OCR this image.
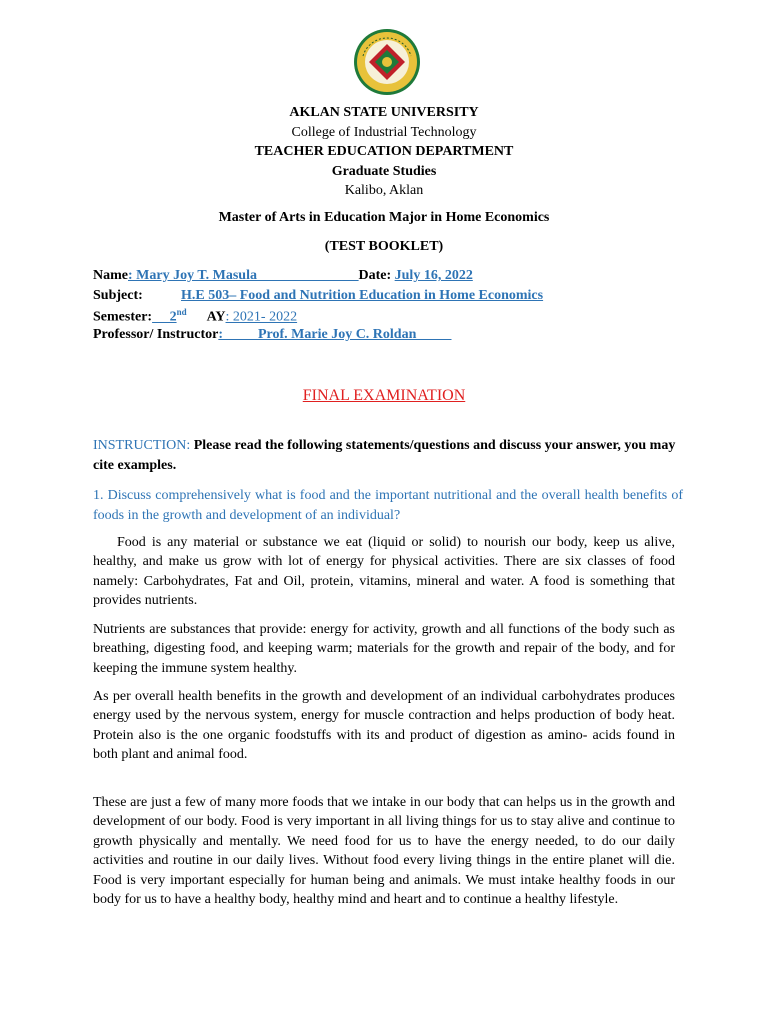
AKLAN STATE UNIVERSITY
College of Industrial Technology
TEACHER EDUCATION DEPARTMENT
Graduate Studies
Kalibo, Aklan
Master of Arts in Education Major in Home Economics
(TEST BOOKLET)
Name: Mary Joy T. Masula ______________Date: July 16, 2022
Subject:	H.E 503– Food and Nutrition Education in Home Economics
Semester:     2nd AY: 2021- 2022
Professor/ Instructor:          Prof. Marie Joy C. Roldan_____
FINAL EXAMINATION
INSTRUCTION: Please read the following statements/questions and discuss your answer, you may cite examples.
1. Discuss comprehensively what is food and the important nutritional and the overall health benefits of foods in the growth and development of an individual?
Food is any material or substance we eat (liquid or solid) to nourish our body, keep us alive, healthy, and make us grow with lot of energy for physical activities. There are six classes of food namely: Carbohydrates, Fat and Oil, protein, vitamins, mineral and water. A food is something that provides nutrients.
Nutrients are substances that provide: energy for activity, growth and all functions of the body such as breathing, digesting food, and keeping warm; materials for the growth and repair of the body, and for keeping the immune system healthy.
As per overall health benefits in the growth and development of an individual carbohydrates produces energy used by the nervous system, energy for muscle contraction and helps production of body heat. Protein also is the one organic foodstuffs with its and product of digestion as amino- acids found in both plant and animal food.
These are just a few of many more foods that we intake in our body that can helps us in the growth and development of our body. Food is very important in all living things for us to stay alive and continue to growth physically and mentally. We need food for us to have the energy needed, to do our daily activities and routine in our daily lives. Without food every living things in the entire planet will die. Food is very important especially for human being and animals. We must intake healthy foods in our body for us to have a healthy body, healthy mind and heart and to continue a healthy lifestyle.
